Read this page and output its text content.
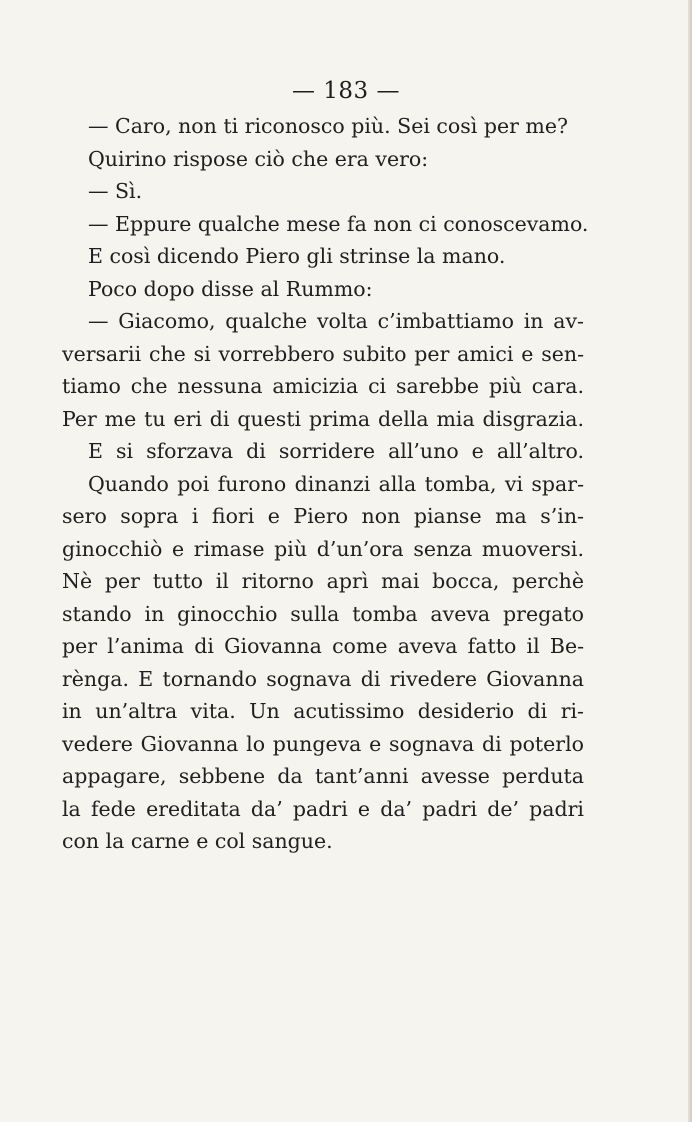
— 183 —
— Caro, non ti riconosco più. Sei così per me?
Quirino rispose ciò che era vero:
— Sì.
— Eppure qualche mese fa non ci conoscevamo.
E così dicendo Piero gli strinse la mano.
Poco dopo disse al Rummo:
— Giacomo, qualche volta c’imbattiamo in av-
versarii che si vorrebbero subito per amici e sen-
tiamo che nessuna amicizia ci sarebbe più cara.
Per me tu eri di questi prima della mia disgrazia.
E si sforzava di sorridere all’uno e all’altro.
Quando poi furono dinanzi alla tomba, vi spar-
sero sopra i fiori e Piero non pianse ma s’in-
ginocchiò e rimase più d’un’ora senza muoversi.
Nè per tutto il ritorno aprì mai bocca, perchè
stando in ginocchio sulla tomba aveva pregato
per l’anima di Giovanna come aveva fatto il Be-
rènga. E tornando sognava di rivedere Giovanna
in un’altra vita. Un acutissimo desiderio di ri-
vedere Giovanna lo pungeva e sognava di poterlo
appagare, sebbene da tant’anni avesse perduta
la fede ereditata da’ padri e da’ padri de’ padri
con la carne e col sangue.
